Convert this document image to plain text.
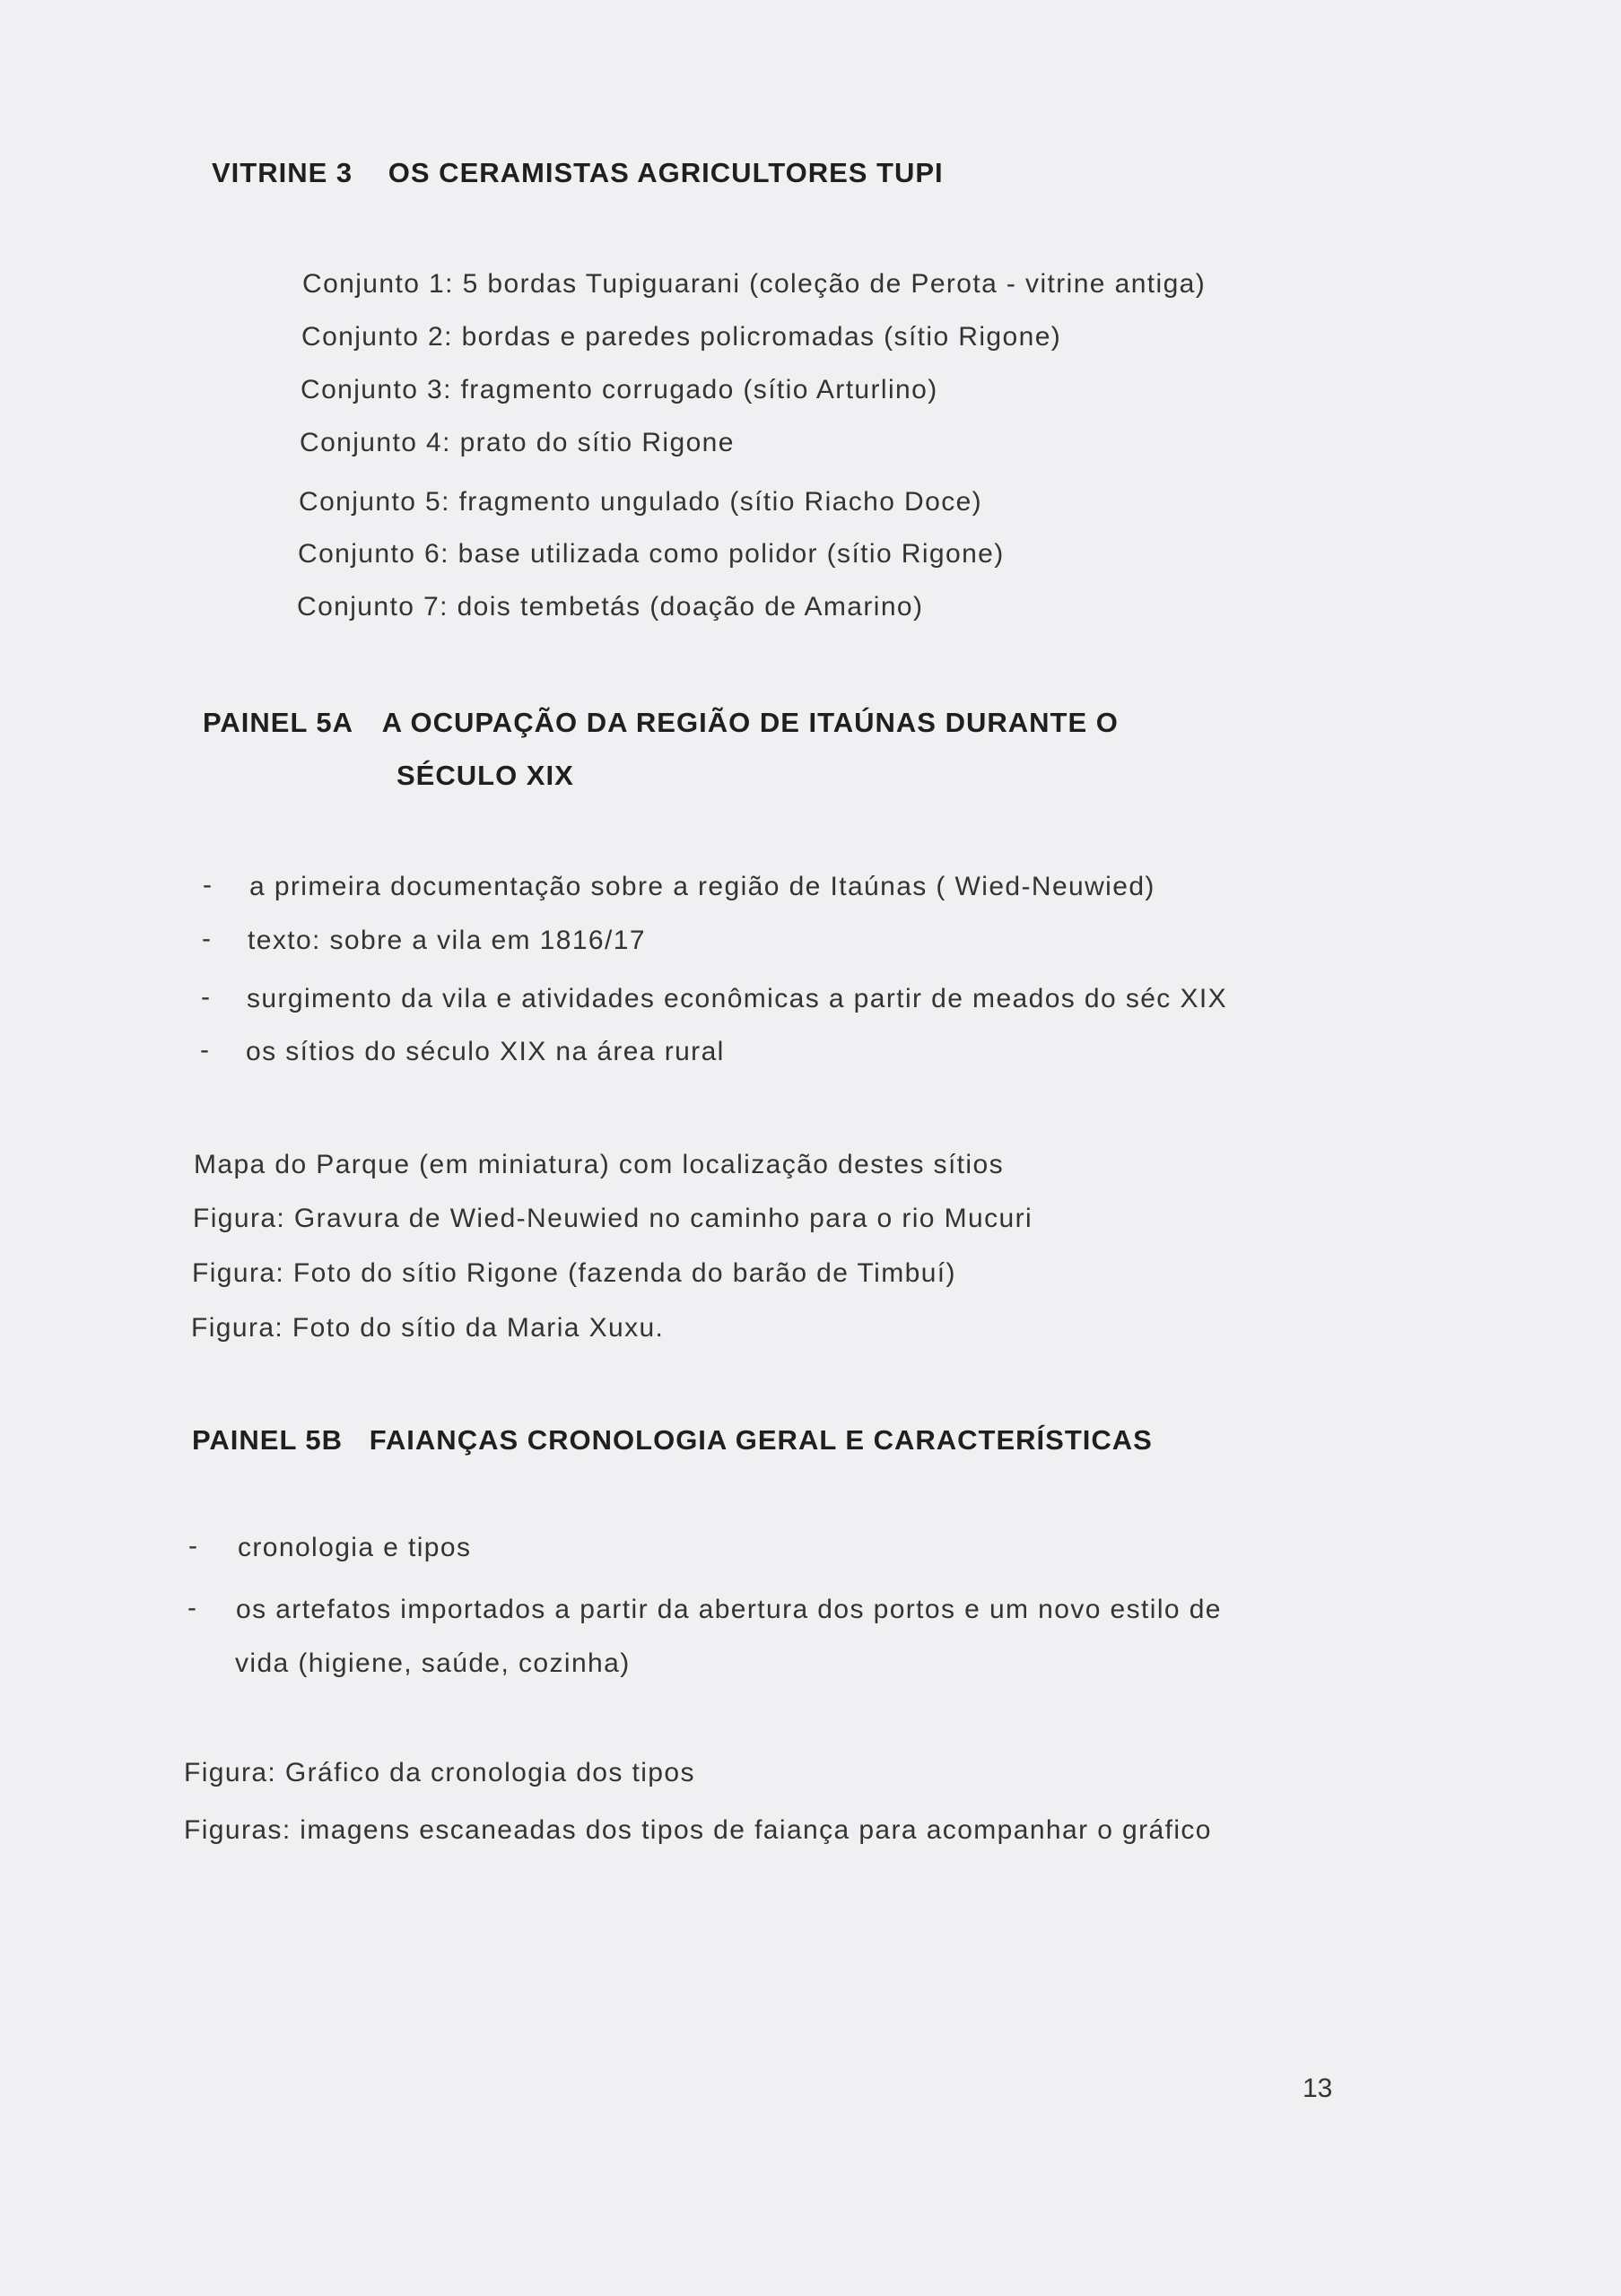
VITRINE 3 OS CERAMISTAS AGRICULTORES TUPI
Conjunto 1: 5 bordas Tupiguarani (coleção de Perota - vitrine antiga)
Conjunto 2: bordas e paredes policromadas (sítio Rigone)
Conjunto 3: fragmento corrugado (sítio Arturlino)
Conjunto 4: prato do sítio Rigone
Conjunto 5: fragmento ungulado (sítio Riacho Doce)
Conjunto 6: base utilizada como polidor (sítio Rigone)
Conjunto 7: dois tembetás (doação de Amarino)
PAINEL 5A A OCUPAÇÃO DA REGIÃO DE ITAÚNAS DURANTE O
SÉCULO XIX
- a primeira documentação sobre a região de Itaúnas ( Wied-Neuwied)
- texto: sobre a vila em 1816/17
- surgimento da vila e atividades econômicas a partir de meados do séc XIX
- os sítios do século XIX na área rural
Mapa do Parque (em miniatura) com localização destes sítios
Figura: Gravura de Wied-Neuwied no caminho para o rio Mucuri
Figura: Foto do sítio Rigone (fazenda do barão de Timbuí)
Figura: Foto do sítio da Maria Xuxu.
PAINEL 5B FAIANÇAS CRONOLOGIA GERAL E CARACTERÍSTICAS
- cronologia e tipos
- os artefatos importados a partir da abertura dos portos e um novo estilo de
vida (higiene, saúde, cozinha)
Figura: Gráfico da cronologia dos tipos
Figuras: imagens escaneadas dos tipos de faiança para acompanhar o gráfico
13
